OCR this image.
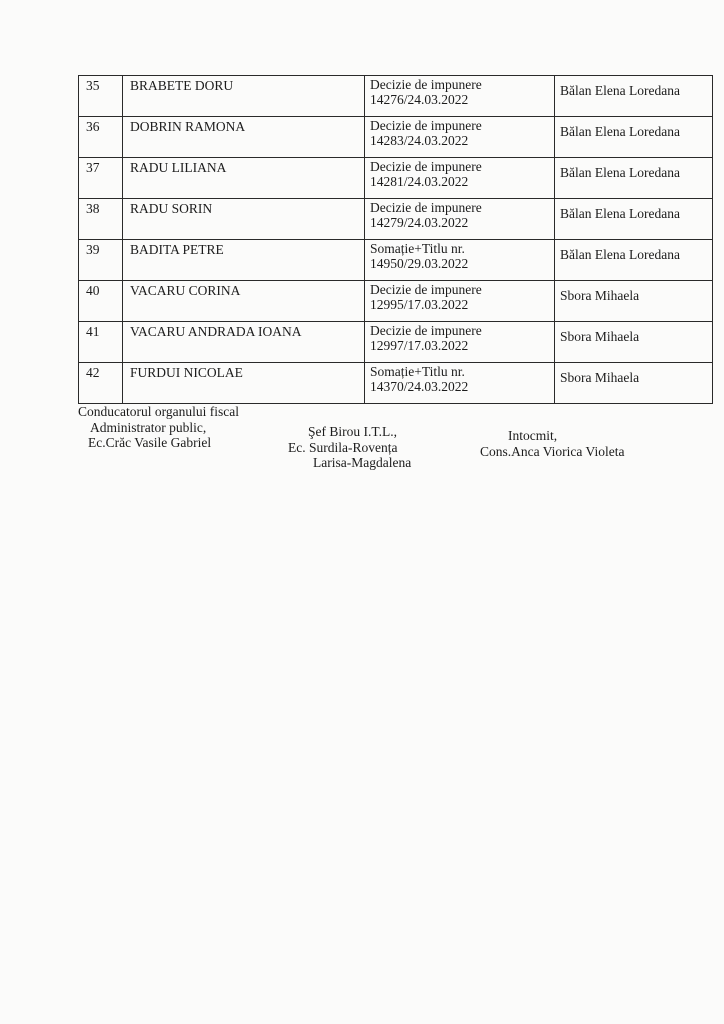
35	BRABETE DORU	Decizie de impunere
14276/24.03.2022	Bălan Elena Loredana
36	DOBRIN RAMONA	Decizie de impunere
14283/24.03.2022	Bălan Elena Loredana
37	RADU LILIANA	Decizie de impunere
14281/24.03.2022	Bălan Elena Loredana
38	RADU SORIN	Decizie de impunere
14279/24.03.2022	Bălan Elena Loredana
39	BADITA PETRE	Somație+Titlu nr.
14950/29.03.2022	Bălan Elena Loredana
40	VACARU CORINA	Decizie de impunere
12995/17.03.2022	Sbora Mihaela
41	VACARU ANDRADA IOANA	Decizie de impunere
12997/17.03.2022	Sbora Mihaela
42	FURDUI NICOLAE	Somație+Titlu nr.
14370/24.03.2022	Sbora Mihaela
Conducatorul organului fiscal
Administrator public,
Ec.Crăc Vasile Gabriel
Şef Birou I.T.L.,
Ec. Surdila-Rovența
Larisa-Magdalena
Intocmit,
Cons.Anca Viorica Violeta
